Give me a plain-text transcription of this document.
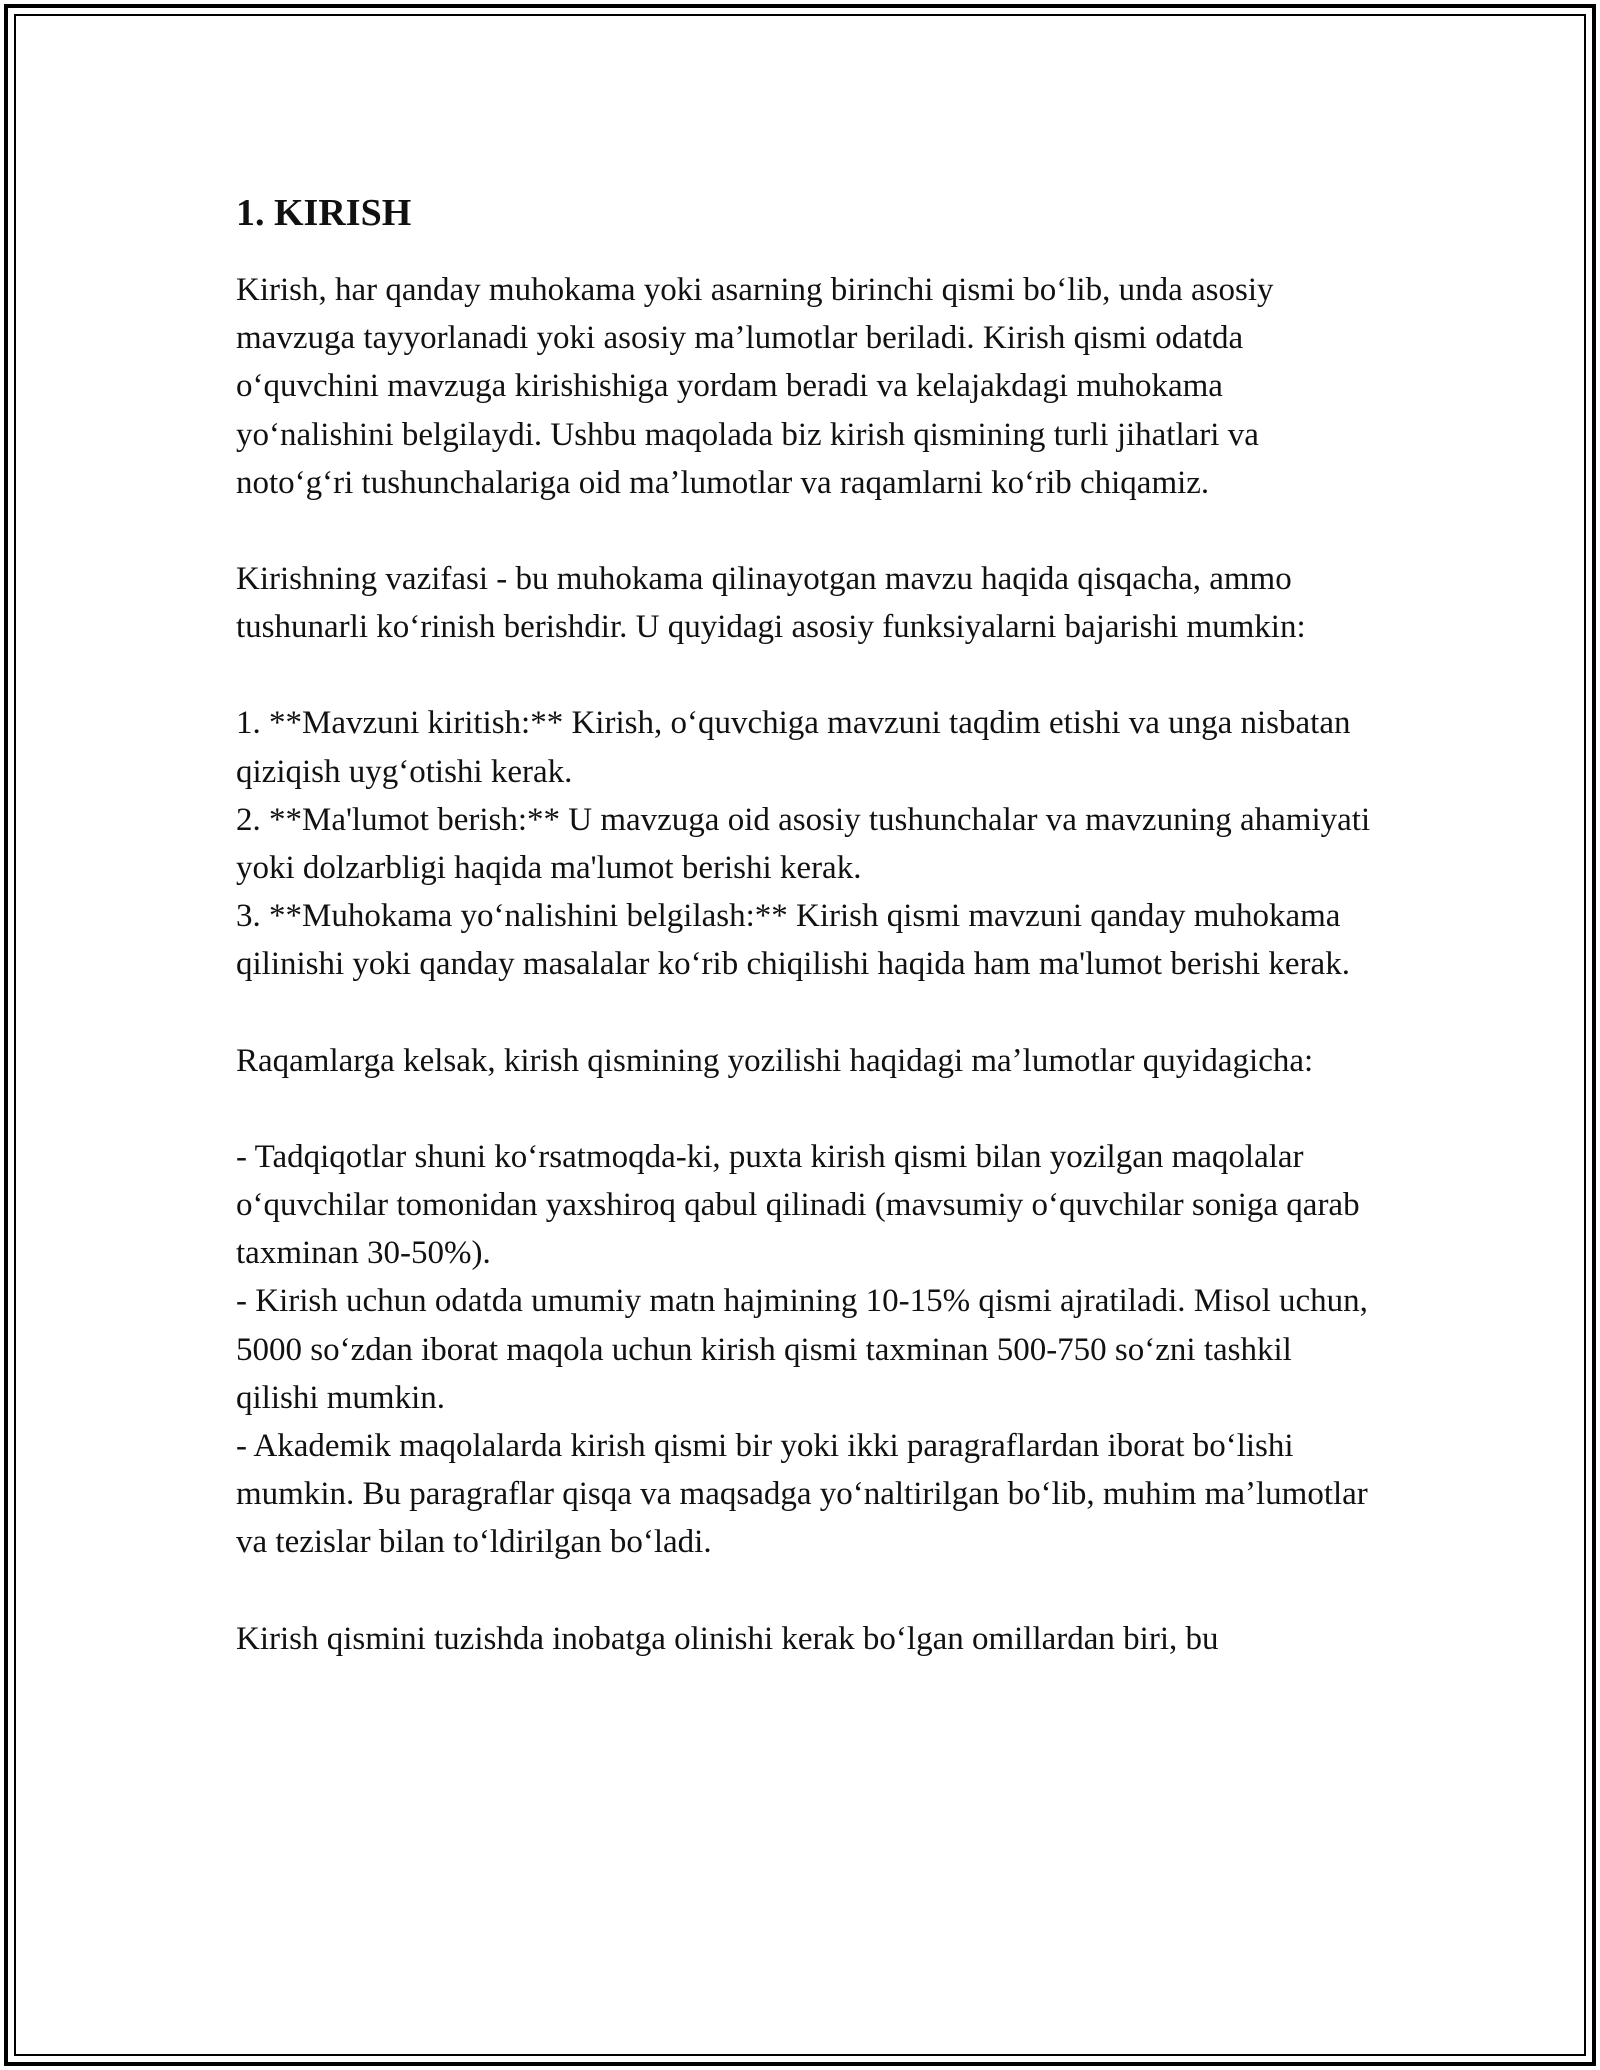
1. KIRISH

Kirish, har qanday muhokama yoki asarning birinchi qismi boʻlib, unda asosiy mavzuga tayyorlanadi yoki asosiy maʼlumotlar beriladi. Kirish qismi odatda oʻquvchini mavzuga kirishishiga yordam beradi va kelajakdagi muhokama yoʻnalishini belgilaydi. Ushbu maqolada biz kirish qismining turli jihatlari va notoʻgʻri tushunchalariga oid maʼlumotlar va raqamlarni koʻrib chiqamiz.

Kirishning vazifasi - bu muhokama qilinayotgan mavzu haqida qisqacha, ammo tushunarli koʻrinish berishdir. U quyidagi asosiy funksiyalarni bajarishi mumkin:

1. **Mavzuni kiritish:** Kirish, oʻquvchiga mavzuni taqdim etishi va unga nisbatan qiziqish uygʻotishi kerak.

2. **Ma'lumot berish:** U mavzuga oid asosiy tushunchalar va mavzuning ahamiyati yoki dolzarbligi haqida ma'lumot berishi kerak.

3. **Muhokama yoʻnalishini belgilash:** Kirish qismi mavzuni qanday muhokama qilinishi yoki qanday masalalar koʻrib chiqilishi haqida ham ma'lumot berishi kerak.

Raqamlarga kelsak, kirish qismining yozilishi haqidagi maʼlumotlar quyidagicha:

- Tadqiqotlar shuni koʻrsatmoqda-ki, puxta kirish qismi bilan yozilgan maqolalar oʻquvchilar tomonidan yaxshiroq qabul qilinadi (mavsumiy oʻquvchilar soniga qarab taxminan 30-50%).

- Kirish uchun odatda umumiy matn hajmining 10-15% qismi ajratiladi. Misol uchun, 5000 soʻzdan iborat maqola uchun kirish qismi taxminan 500-750 soʻzni tashkil qilishi mumkin.

- Akademik maqolalarda kirish qismi bir yoki ikki paragraflardan iborat boʻlishi mumkin. Bu paragraflar qisqa va maqsadga yoʻnaltirilgan boʻlib, muhim maʼlumotlar va tezislar bilan toʻldirilgan boʻladi.

Kirish qismini tuzishda inobatga olinishi kerak boʻlgan omillardan biri, bu
